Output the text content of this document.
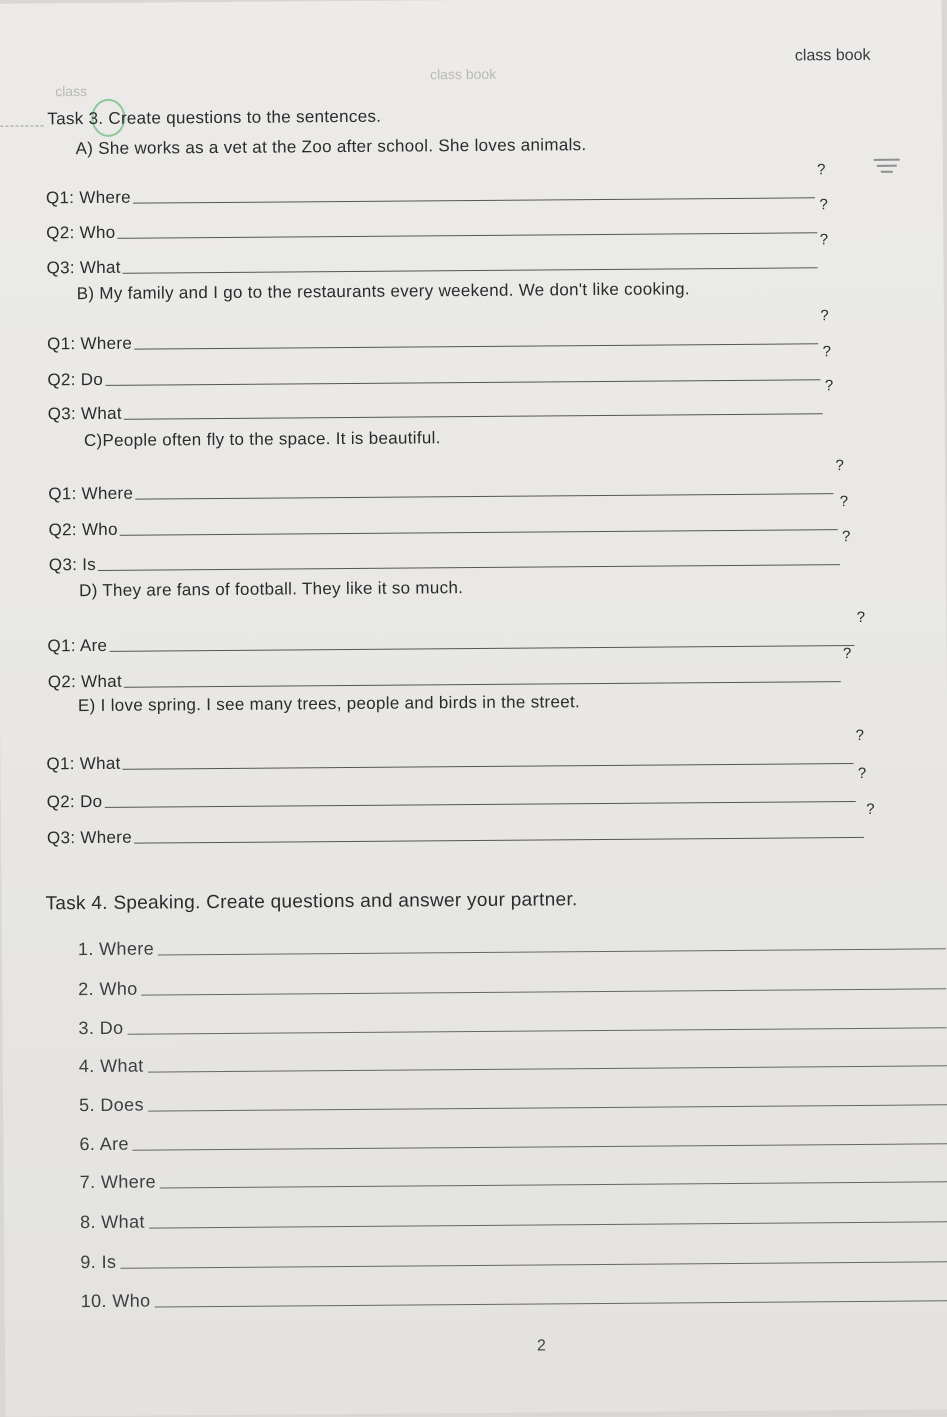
class
class book
class book
Task 3. Create questions to the sentences.
A) She works as a vet at the Zoo after school. She loves animals.
Q1: Where
?
Q2: Who
?
Q3: What
?
B) My family and I go to the restaurants every weekend. We don't like cooking.
Q1: Where
?
Q2: Do
?
Q3: What
?
C)People often fly to the space. It is beautiful.
Q1: Where
?
Q2: Who
?
Q3: Is
?
D) They are fans of football. They like it so much.
Q1: Are
?
Q2: What
?
E) I love spring. I see many trees, people and birds in the street.
Q1: What
?
Q2: Do
?
Q3: Where
?
Task 4. Speaking. Create questions and answer your partner.
1. Where
2. Who
3. Do
4. What
5. Does
6. Are
7. Where
8. What
9. Is
10. Who
2
